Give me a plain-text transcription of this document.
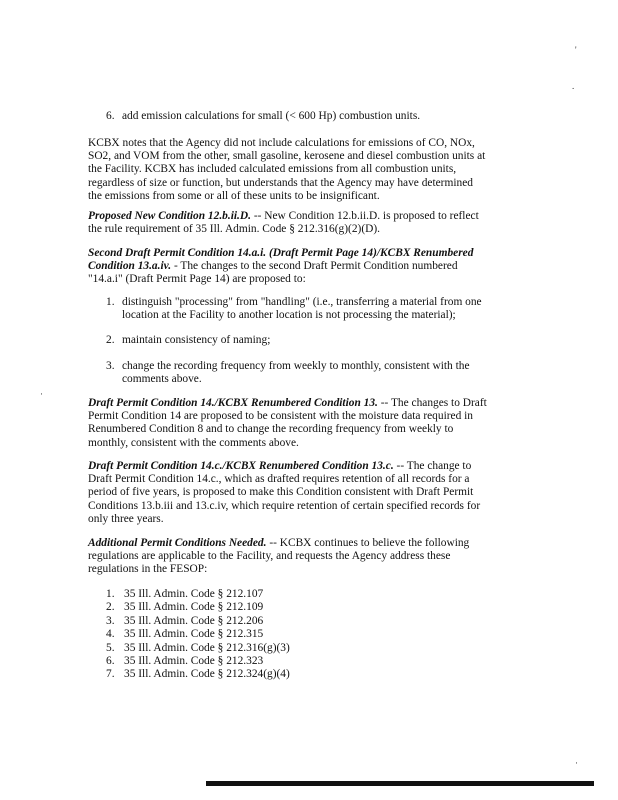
'
.
·
·
6. add emission calculations for small (< 600 Hp) combustion units.
KCBX notes that the Agency did not include calculations for emissions of CO, NOx, SO2, and VOM from the other, small gasoline, kerosene and diesel combustion units at the Facility. KCBX has included calculated emissions from all combustion units, regardless of size or function, but understands that the Agency may have determined the emissions from some or all of these units to be insignificant.
Proposed New Condition 12.b.ii.D. -- New Condition 12.b.ii.D. is proposed to reflect the rule requirement of 35 Ill. Admin. Code § 212.316(g)(2)(D).
Second Draft Permit Condition 14.a.i. (Draft Permit Page 14)/KCBX Renumbered Condition 13.a.iv. - The changes to the second Draft Permit Condition numbered "14.a.i" (Draft Permit Page 14) are proposed to:
1. distinguish "processing" from "handling" (i.e., transferring a material from one location at the Facility to another location is not processing the material);
2. maintain consistency of naming;
3. change the recording frequency from weekly to monthly, consistent with the comments above.
Draft Permit Condition 14./KCBX Renumbered Condition 13. -- The changes to Draft Permit Condition 14 are proposed to be consistent with the moisture data required in Renumbered Condition 8 and to change the recording frequency from weekly to monthly, consistent with the comments above.
Draft Permit Condition 14.c./KCBX Renumbered Condition 13.c. -- The change to Draft Permit Condition 14.c., which as drafted requires retention of all records for a period of five years, is proposed to make this Condition consistent with Draft Permit Conditions 13.b.iii and 13.c.iv, which require retention of certain specified records for only three years.
Additional Permit Conditions Needed. -- KCBX continues to believe the following regulations are applicable to the Facility, and requests the Agency address these regulations in the FESOP:
1. 35 Ill. Admin. Code § 212.107
2. 35 Ill. Admin. Code § 212.109
3. 35 Ill. Admin. Code § 212.206
4. 35 Ill. Admin. Code § 212.315
5. 35 Ill. Admin. Code § 212.316(g)(3)
6. 35 Ill. Admin. Code § 212.323
7. 35 Ill. Admin. Code § 212.324(g)(4)
